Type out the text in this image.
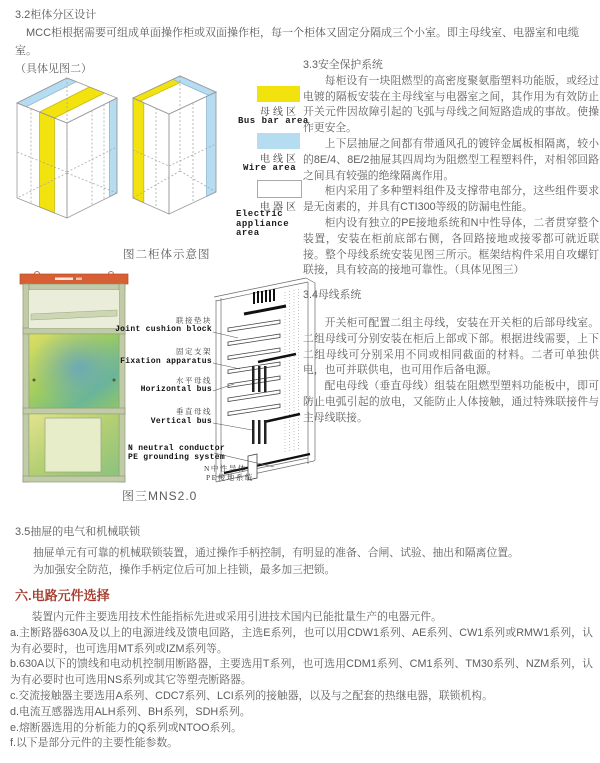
3.2柜体分区设计
MCC柜根据需要可组成单面操作柜或双面操作柜，每一个柜体又固定分隔成三个小室。即主母线室、电器室和电缆室。
（具体见图二）
母线区
Bus bar area
电线区
Wire area
电器区
Electric appliance area
图二柜体示意图

3.3安全保护系统

每柜设有一块阻燃型的高密度聚氨脂塑料功能版，或经过电镀的隔板安装在主母线室与电器室之间，其作用为有效防止开关元件因故障引起的飞弧与母线之间短路造成的事故。使操作更安全。

上下层抽屉之间都有带通风孔的镀锌金属板相隔离，较小的8E/4、8E/2抽屉其四周均为阻燃型工程塑料件，对相邻回路之间具有较强的绝缘隔离作用。

柜内采用了多种塑料组件及支撑带电部分，这些组件要求是无卤素的，并具有CTI300等级的防漏电性能。

柜内设有独立的PE接地系统和N中性导体，二者贯穿整个装置，安装在柜前底部右侧，各回路接地或接零都可就近联接。整个母线系统安装见图三所示。框架结构件采用自攻螺钉联接，具有较高的接地可靠性。（具体见图三）

3.4母线系统

开关柜可配置二组主母线，安装在开关柜的后部母线室。二组母线可分别安装在柜后上部或下部。根据进线需要，上下二组母线可分别采用不同或相同截面的材料。二者可单独供电，也可并联供电，也可用作后备电源。

配电母线（垂直母线）组装在阻燃型塑料功能板中，即可防止电弧引起的放电，又能防止人体接触，通过特殊联接件与主母线联接。

联接垫块
Joint cushion block
固定支架
Fixation apparatus
水平母线
Horizontal bus
垂直母线
Vertical bus
N neutral conductor
PE grounding system
N中性导体
PE接地系统
图三MNS2.0
3.5抽屉的电气和机械联锁
抽屉单元有可靠的机械联锁装置，通过操作手柄控制，有明显的准备、合闸、试验、抽出和隔离位置。
为加强安全防范，操作手柄定位后可加上挂锁，最多加三把锁。
六.电路元件选择

装置内元件主要选用技术性能指标先进或采用引进技术国内已能批量生产的电器元件。

a.主断路器630A及以上的电源进线及馈电回路，主选E系列，也可以用CDW1系列、AE系列、CW1系列或RMW1系列，认为有必要时，也可选用MT系列或IZM系列等。

b.630A以下的馈线和电动机控制用断路器，主要选用T系列，也可选用CDM1系列、CM1系列、TM30系列、NZM系列，认为有必要时也可选用NS系列或其它等塑壳断路器。

c.交流接触器主要选用A系列、CDC7系列、LCI系列的接触器，以及与之配套的热继电器，联锁机构。

d.电流互感器选用ALH系列、BH系列，SDH系列。

e.熔断器选用的分析能力的Q系列或NTOO系列。

f.以下是部分元件的主要性能参数。
